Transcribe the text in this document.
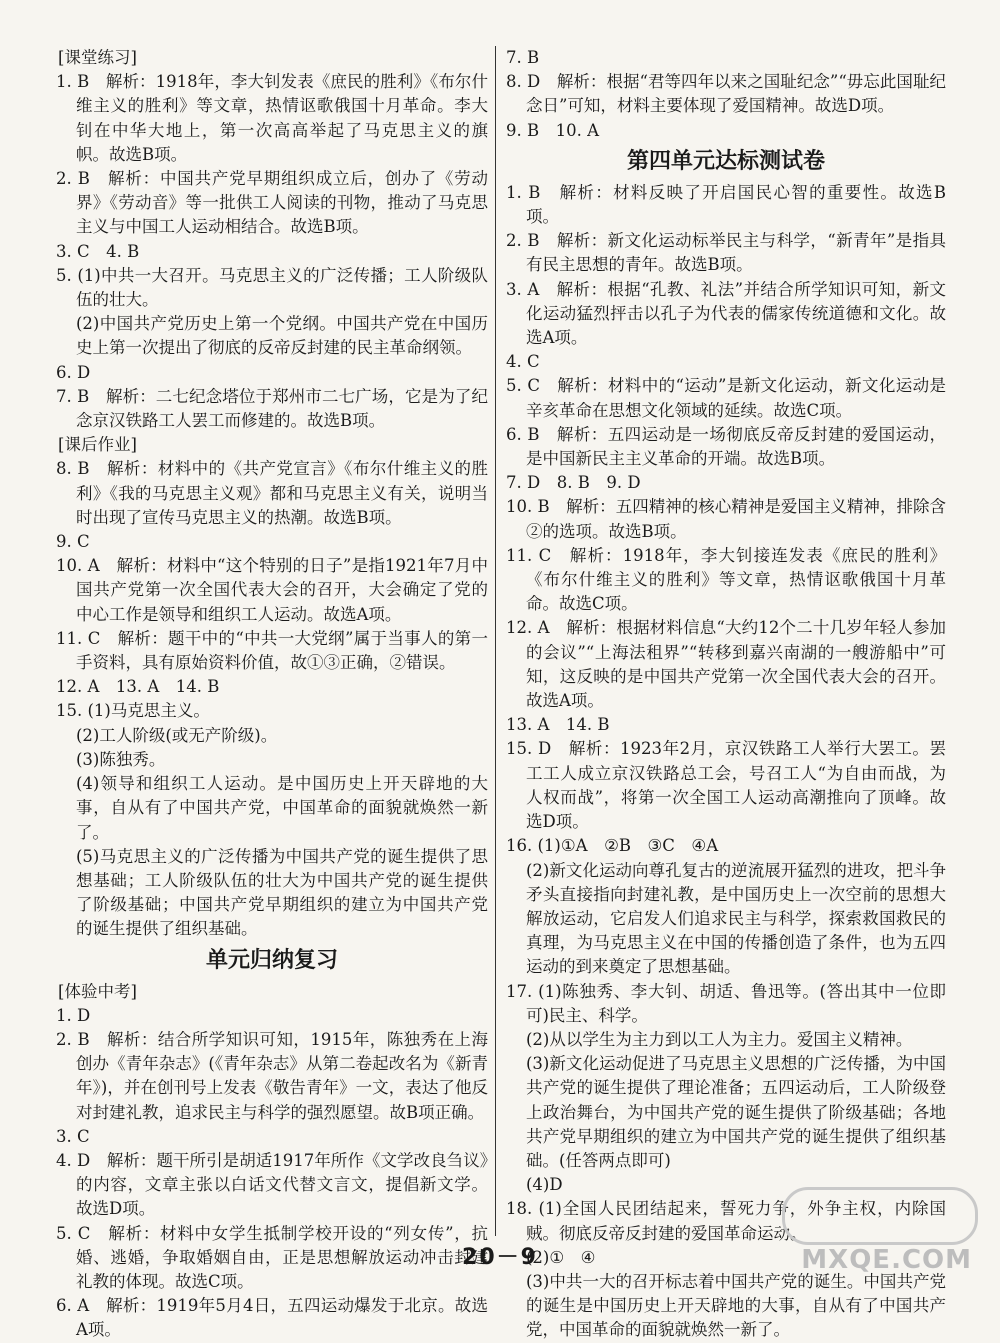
[ 课堂练习 ]

1. B　解析：1918年，李大钊发表《庶民的胜利》《布尔什维主义的胜利》等文章，热情讴歌俄国十月革命。李大钊在中华大地上，第一次高高举起了马克思主义的旗帜。故选B项。

2. B　解析：中国共产党早期组织成立后，创办了《劳动界》《劳动音》等一批供工人阅读的刊物，推动了马克思主义与中国工人运动相结合。故选B项。

3. C　4. B

5. (1)中共一大召开。马克思主义的广泛传播；工人阶级队伍的壮大。

(2)中国共产党历史上第一个党纲。中国共产党在中国历史上第一次提出了彻底的反帝反封建的民主革命纲领。

6. D

7. B　解析：二七纪念塔位于郑州市二七广场，它是为了纪念京汉铁路工人罢工而修建的。故选B项。

[ 课后作业 ]

8. B　解析：材料中的《共产党宣言》《布尔什维主义的胜利》《我的马克思主义观》都和马克思主义有关，说明当时出现了宣传马克思主义的热潮。故选B项。

9. C

10. A　解析：材料中“这个特别的日子”是指1921年7月中国共产党第一次全国代表大会的召开，大会确定了党的中心工作是领导和组织工人运动。故选A项。

11. C　解析：题干中的“中共一大党纲”属于当事人的第一手资料，具有原始资料价值，故①③正确，②错误。

12. A　13. A　14. B

15. (1)马克思主义。

(2)工人阶级(或无产阶级)。

(3)陈独秀。

(4)领导和组织工人运动。是中国历史上开天辟地的大事，自从有了中国共产党，中国革命的面貌就焕然一新了。

(5)马克思主义的广泛传播为中国共产党的诞生提供了思想基础；工人阶级队伍的壮大为中国共产党的诞生提供了阶级基础；中国共产党早期组织的建立为中国共产党的诞生提供了组织基础。

单元归纳复习

[ 体验中考 ]

1. D

2. B　解析：结合所学知识可知，1915年，陈独秀在上海创办《青年杂志》(《青年杂志》从第二卷起改名为《新青年》)，并在创刊号上发表《敬告青年》一文，表达了他反对封建礼教，追求民主与科学的强烈愿望。故B项正确。

3. C

4. D　解析：题干所引是胡适1917年所作《文学改良刍议》的内容，文章主张以白话文代替文言文，提倡新文学。故选D项。

5. C　解析：材料中女学生抵制学校开设的“列女传”，抗婚、逃婚，争取婚姻自由，正是思想解放运动冲击封建礼教的体现。故选C项。

6. A　解析：1919年5月4日，五四运动爆发于北京。故选A项。

7. B

8. D　解析：根据“君等四年以来之国耻纪念”“毋忘此国耻纪念日”可知，材料主要体现了爱国精神。故选D项。

9. B　10. A

第四单元达标测试卷

1. B　解析：材料反映了开启国民心智的重要性。故选B项。

2. B　解析：新文化运动标举民主与科学，“新青年”是指具有民主思想的青年。故选B项。

3. A　解析：根据“孔教、礼法”并结合所学知识可知，新文化运动猛烈抨击以孔子为代表的儒家传统道德和文化。故选A项。

4. C

5. C　解析：材料中的“运动”是新文化运动，新文化运动是辛亥革命在思想文化领域的延续。故选C项。

6. B　解析：五四运动是一场彻底反帝反封建的爱国运动，是中国新民主主义革命的开端。故选B项。

7. D　8. B　9. D

10. B　解析：五四精神的核心精神是爱国主义精神，排除含②的选项。故选B项。

11. C　解析：1918年，李大钊接连发表《庶民的胜利》《布尔什维主义的胜利》等文章，热情讴歌俄国十月革命。故选C项。

12. A　解析：根据材料信息“大约12个二十几岁年轻人参加的会议”“上海法租界”“转移到嘉兴南湖的一艘游船中”可知，这反映的是中国共产党第一次全国代表大会的召开。故选A项。

13. A　14. B

15. D　解析：1923年2月，京汉铁路工人举行大罢工。罢工工人成立京汉铁路总工会，号召工人“为自由而战，为人权而战”，将第一次全国工人运动高潮推向了顶峰。故选D项。

16. (1)①A　②B　③C　④A

(2)新文化运动向尊孔复古的逆流展开猛烈的进攻，把斗争矛头直接指向封建礼教，是中国历史上一次空前的思想大解放运动，它启发人们追求民主与科学，探索救国救民的真理，为马克思主义在中国的传播创造了条件，也为五四运动的到来奠定了思想基础。

17. (1)陈独秀、李大钊、胡适、鲁迅等。(答出其中一位即可)民主、科学。

(2)从以学生为主力到以工人为主力。爱国主义精神。

(3)新文化运动促进了马克思主义思想的广泛传播，为中国共产党的诞生提供了理论准备；五四运动后，工人阶级登上政治舞台，为中国共产党的诞生提供了阶级基础；各地共产党早期组织的建立为中国共产党的诞生提供了组织基础。(任答两点即可)

(4)D

18. (1)全国人民团结起来，誓死力争，外争主权，内除国贼。彻底反帝反封建的爱国革命运动。

(2)①　④

(3)中共一大的召开标志着中国共产党的诞生。中国共产党的诞生是中国历史上开天辟地的大事，自从有了中国共产党，中国革命的面貌就焕然一新了。

20－9	MXQE.COM
